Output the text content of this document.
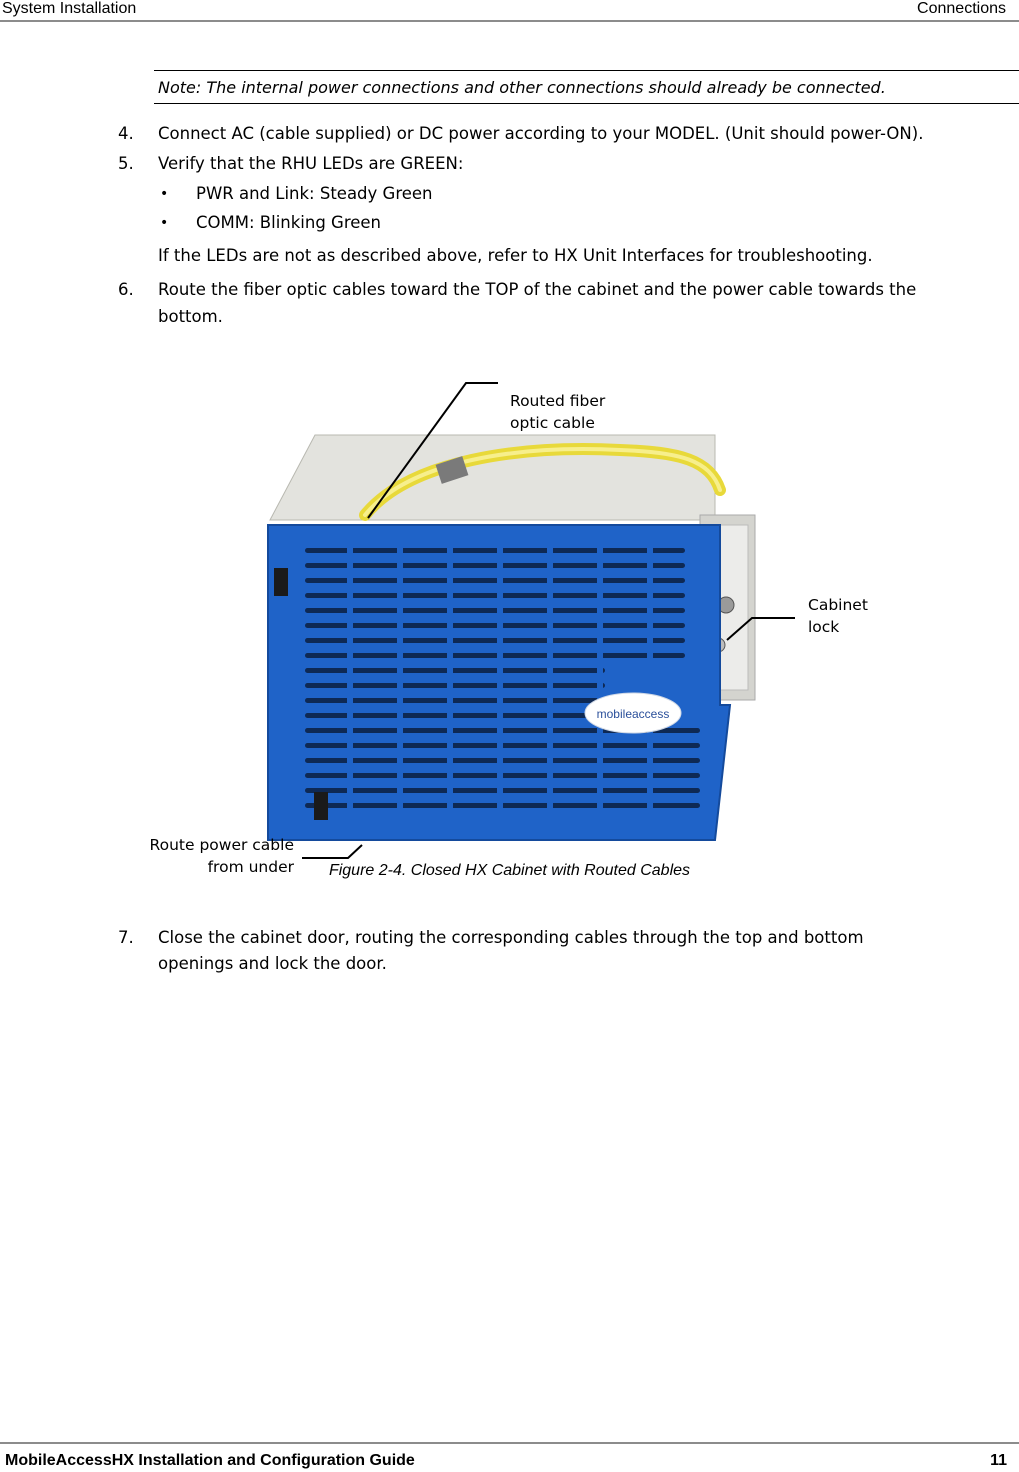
System Installation	Connections
Note: The internal power connections and other connections should already be connected.
4. Connect AC (cable supplied) or DC power according to your MODEL. (Unit should power-ON).
5. Verify that the RHU LEDs are GREEN:
• PWR and Link: Steady Green
• COMM: Blinking Green
If the LEDs are not as described above, refer to HX Unit Interfaces for troubleshooting.
6. Route the fiber optic cables toward the TOP of the cabinet and the power cable towards the
bottom.
mobileaccess
Routed fiber
optic cable
Cabinet
lock
Route power cable
from under	Figure 2-4. Closed HX Cabinet with Routed Cables
7. Close the cabinet door, routing the corresponding cables through the top and bottom
openings and lock the door.
MobileAccessHX Installation and Configuration Guide	11
